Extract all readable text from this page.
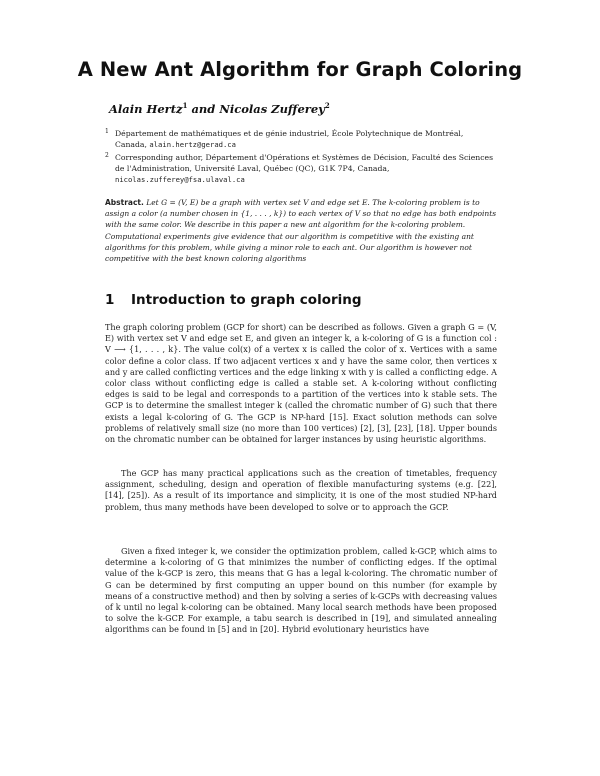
A New Ant Algorithm for Graph Coloring
Alain Hertz$^1$ and Nicolas Zufferey$^2$
1 Département de mathématiques et de génie industriel, École Polytechnique de Montréal,
Canada, alain.hertz@gerad.ca
2 Corresponding author, Département d'Opérations et Systèmes de Décision, Faculté des Sciences
de l'Administration, Université Laval, Québec (QC), G1K 7P4, Canada,
nicolas.zufferey@fsa.ulaval.ca
Abstract. Let G = (V, E) be a graph with vertex set V and edge set E. The k-coloring problem is to assign a color (a number chosen in {1, . . . , k}) to each vertex of V so that no edge has both endpoints with the same color. We describe in this paper a new ant algorithm for the k-coloring problem. Computational experiments give evidence that our algorithm is competitive with the existing ant algorithms for this problem, while giving a minor role to each ant. Our algorithm is however not competitive with the best known coloring algorithms
1 Introduction to graph coloring
The graph coloring problem (GCP for short) can be described as follows. Given a graph G = (V, E) with vertex set V and edge set E, and given an integer k, a k-coloring of G is a function col : V ⟶ {1, . . . , k}. The value col(x) of a vertex x is called the color of x. Vertices with a same color define a color class. If two adjacent vertices x and y have the same color, then vertices x and y are called conflicting vertices and the edge linking x with y is called a conflicting edge. A color class without conflicting edge is called a stable set. A k-coloring without conflicting edges is said to be legal and corresponds to a partition of the vertices into k stable sets. The GCP is to determine the smallest integer k (called the chromatic number of G) such that there exists a legal k-coloring of G. The GCP is NP-hard [15]. Exact solution methods can solve problems of relatively small size (no more than 100 vertices) [2], [3], [23], [18]. Upper bounds on the chromatic number can be obtained for larger instances by using heuristic algorithms.
The GCP has many practical applications such as the creation of timetables, frequency assignment, scheduling, design and operation of flexible manufacturing systems (e.g. [22], [14], [25]). As a result of its importance and simplicity, it is one of the most studied NP-hard problem, thus many methods have been developed to solve or to approach the GCP.
Given a fixed integer k, we consider the optimization problem, called k-GCP, which aims to determine a k-coloring of G that minimizes the number of conflicting edges. If the optimal value of the k-GCP is zero, this means that G has a legal k-coloring. The chromatic number of G can be determined by first computing an upper bound on this number (for example by means of a constructive method) and then by solving a series of k-GCPs with decreasing values of k until no legal k-coloring can be obtained. Many local search methods have been proposed to solve the k-GCP. For example, a tabu search is described in [19], and simulated annealing algorithms can be found in [5] and in [20]. Hybrid evolutionary heuristics have
